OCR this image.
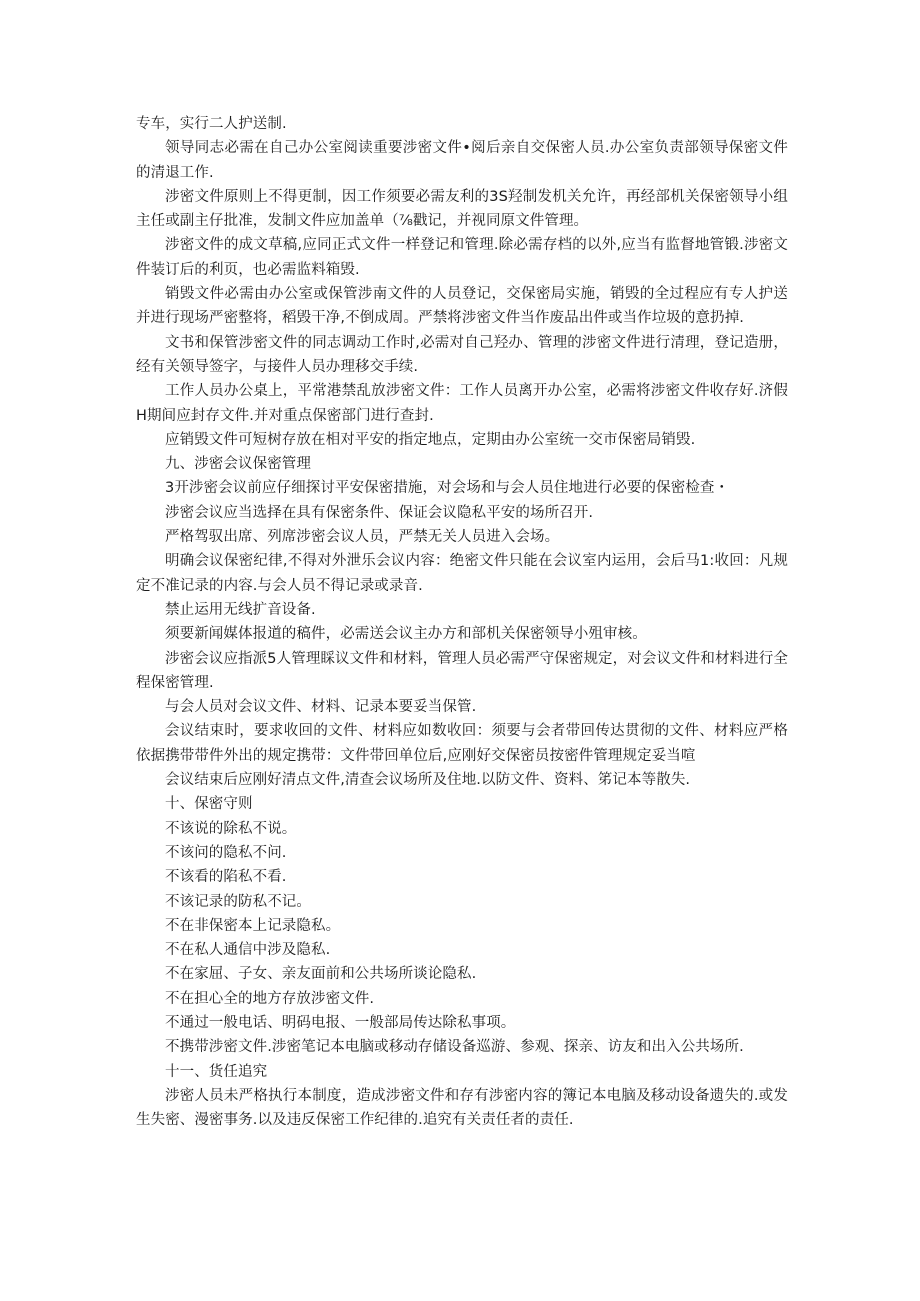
专车，实行二人护送制.

领导同志必需在自己办公室阅读重要涉密文件•阅后亲自交保密人员.办公室负责部领导保密文件的清退工作.

涉密文件原则上不得更制，因工作须要必需友利的3S羟制发机关允许，再经部机关保密领导小组主任或副主仔批准，发制文件应加盖单（⅞戳记，并视同原文件管理。

涉密文件的成文草稿,应同正式文件一样登记和管理.除必需存档的以外,应当有监督地管锻.涉密文件装订后的利页，也必需监料箱毁.

销毁文件必需由办公室或保管涉南文件的人员登记，交保密局实施，销毁的全过程应有专人护送并进行现场严密整将，稻毁干净,不倒成周。严禁将涉密文件当作废品出件或当作垃圾的意扔掉.

文书和保管涉密文件的同志调动工作时,必需对自己羟办、管理的涉密文件进行清理，登记造册，经有关领导签字，与接件人员办理移交手续.

工作人员办公桌上，平常港禁乱放涉密文件：工作人员离开办公室，必需将涉密文件收存好.济假H期间应封存文件.并对重点保密部门进行查封.

应销毁文件可短树存放在相对平安的指定地点，定期由办公室统一交市保密局销毁.

九、涉密会议保密管理

3开涉密会议前应仔细探讨平安保密措施，对会场和与会人员住地进行必要的保密检查・

涉密会议应当选择在具有保密条件、保证会议隐私平安的场所召开.

严格驾驭出席、列席涉密会议人员，严禁无关人员进入会场。

明确会议保密纪律,不得对外泄乐会议内容：绝密文件只能在会议室内运用，会后马1:收回：凡规定不准记录的内容.与会人员不得记录或录音.

禁止运用无线扩音设备.

须要新闻媒体报道的稿件，必需送会议主办方和部机关保密领导小殂审核。

涉密会议应指派5人管理睬议文件和材料，管理人员必需严守保密规定，对会议文件和材料进行全程保密管理.

与会人员对会议文件、材料、记录本要妥当保管.

会议结束时，要求收回的文件、材料应如数收回：须要与会者带回传达贯彻的文件、材料应严格依据携带带件外出的规定携带：文件带回单位后,应刚好交保密员按密件管理规定妥当喧

会议结束后应刚好清点文件,清查会议场所及住地.以防文件、资料、笫记本等散失.

十、保密守则

不该说的除私不说。

不该问的隐私不问.

不该看的陷私不看.

不该记录的防私不记。

不在非保密本上记录隐私。

不在私人通信中涉及隐私.

不在家屈、子女、亲友面前和公共场所谈论隐私.

不在担心全的地方存放涉密文件.

不通过一般电话、明码电报、一般部局传达除私事项。

不携带涉密文件.涉密笔记本电脑或移动存储设备巡游、参观、探亲、访友和出入公共场所.

十一、货任追究

涉密人员未严格执行本制度，造成涉密文件和存有涉密内容的簿记本电脑及移动设备遗失的.或发生失密、漫密事务.以及违反保密工作纪律的.追究有关责任者的责任.
